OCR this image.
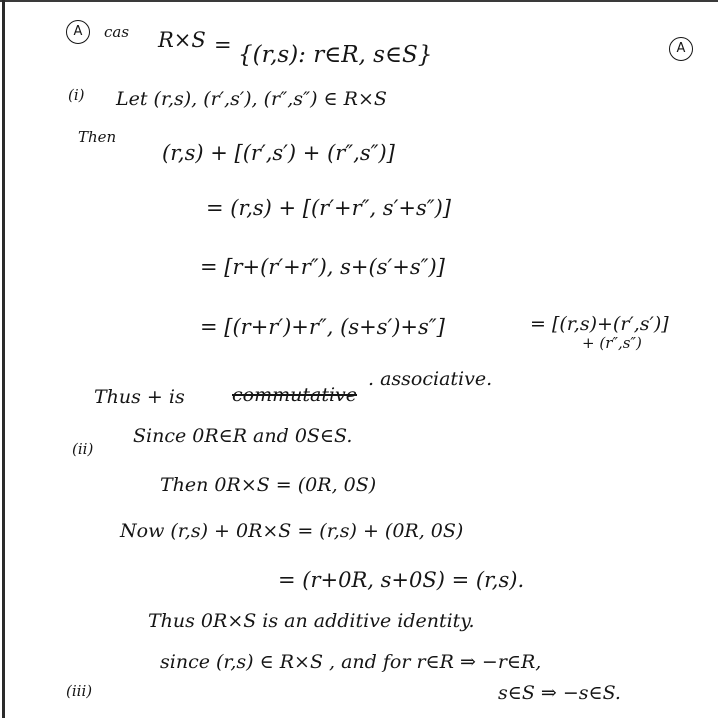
A	cas R×S = {(r,s): r∈R, s∈S}	A
(i) Let (r,s), (r′,s′), (r″,s″) ∈ R×S
Then
(r,s) + [(r′,s′) + (r″,s″)]
= (r,s) + [(r′+r″, s′+s″)]
= [r+(r′+r″), s+(s′+s″)]
= [(r+r′)+r″, (s+s′)+s″]	= [(r,s)+(r′,s′)]
+ (r″,s″)
Thus + is commutative
. associative.
(ii)
Since 0R∈R and 0S∈S.
Then 0R×S = (0R, 0S)
Now (r,s) + 0R×S = (r,s) + (0R, 0S)
= (r+0R, s+0S) = (r,s).
Thus 0R×S is an additive identity.
(iii)
since (r,s) ∈ R×S , and for r∈R ⇒ −r∈R,
s∈S ⇒ −s∈S.
